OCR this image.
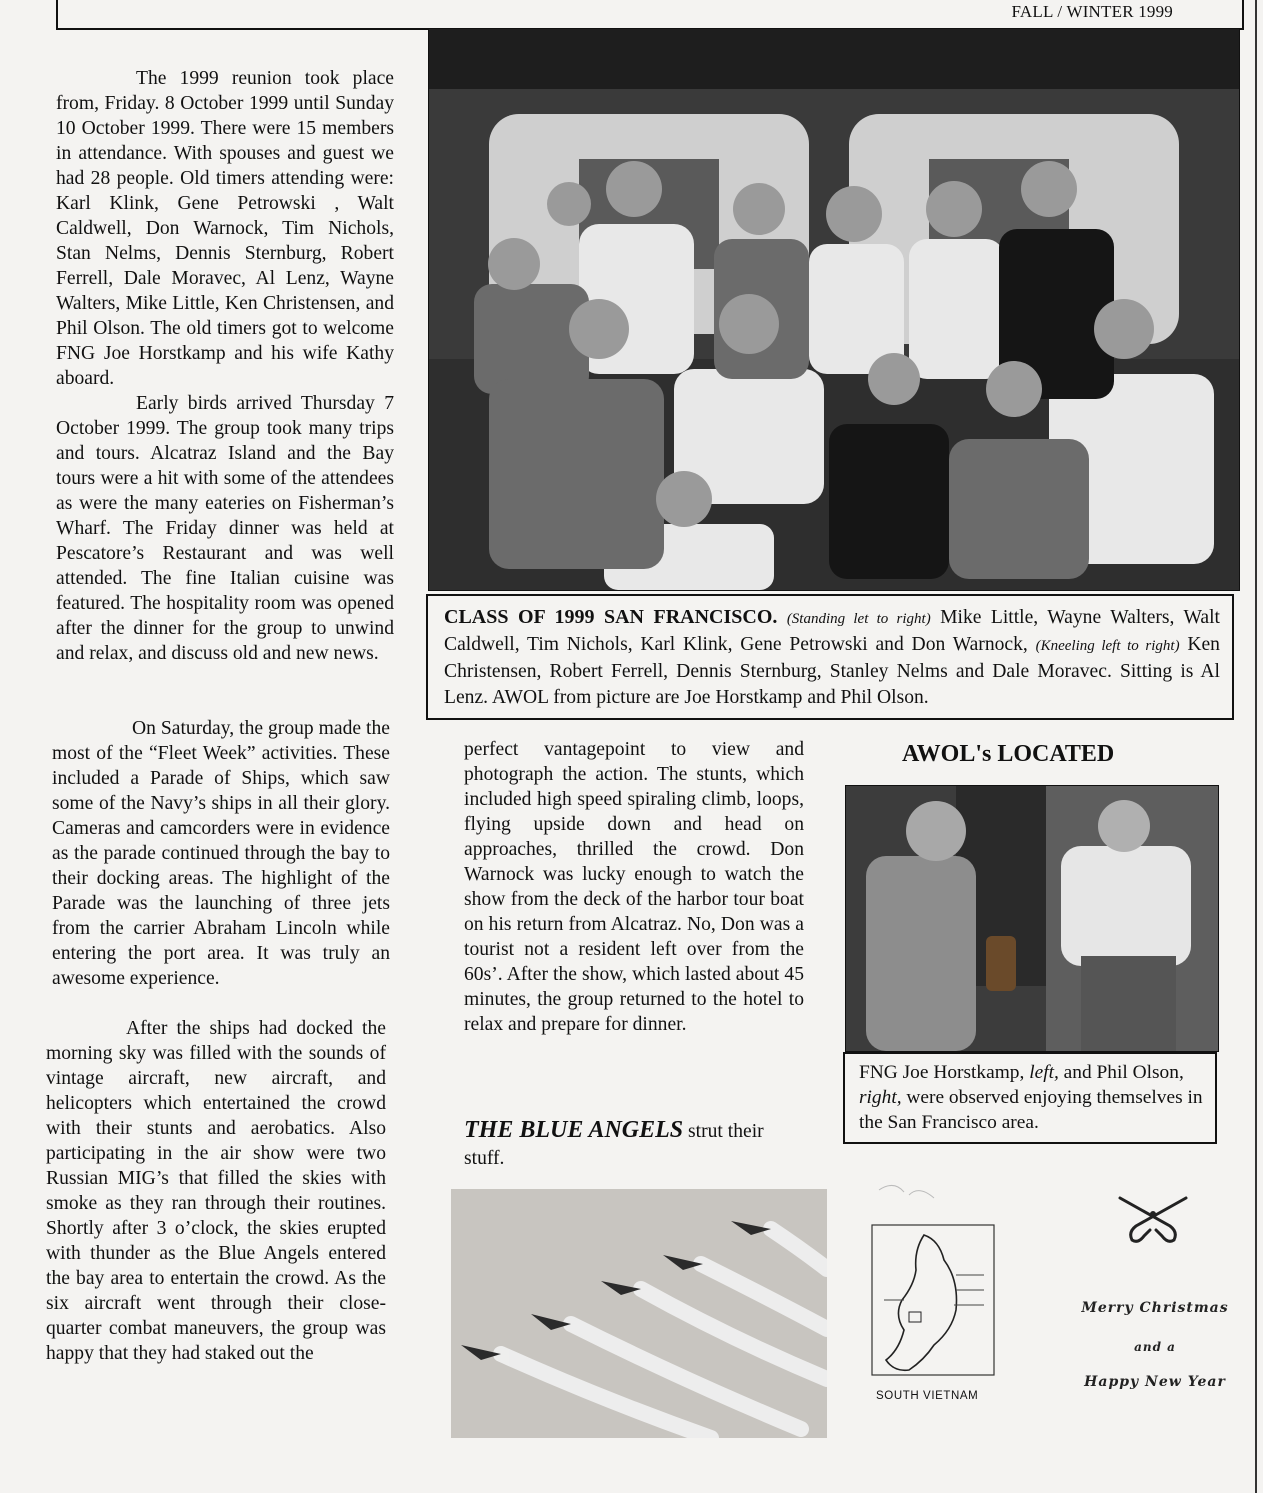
FALL / WINTER 1999

The 1999 reunion took place from, Friday. 8 October 1999 until Sunday 10 October 1999. There were 15 members in attendance. With spouses and guest we had 28 people. Old timers attending were: Karl Klink, Gene Petrowski , Walt Caldwell, Don Warnock, Tim Nichols, Stan Nelms, Dennis Sternburg, Robert Ferrell, Dale Moravec, Al Lenz, Wayne Walters, Mike Little, Ken Christensen, and Phil Olson. The old timers got to welcome FNG Joe Horstkamp and his wife Kathy aboard.

Early birds arrived Thursday 7 October 1999. The group took many trips and tours. Alcatraz Island and the Bay tours were a hit with some of the attendees as were the many eateries on Fisherman’s Wharf. The Friday dinner was held at Pescatore’s Restaurant and was well attended. The fine Italian cuisine was featured. The hospitality room was opened after the dinner for the group to unwind and relax, and discuss old and new news.

On Saturday, the group made the most of the “Fleet Week” activities. These included a Parade of Ships, which saw some of the Navy’s ships in all their glory. Cameras and camcorders were in evidence as the parade continued through the bay to their docking areas. The highlight of the Parade was the launching of three jets from the carrier Abraham Lincoln while entering the port area. It was truly an awesome experience.

After the ships had docked the morning sky was filled with the sounds of vintage aircraft, new aircraft, and helicopters which entertained the crowd with their stunts and aerobatics. Also participating in the air show were two Russian MIG’s that filled the skies with smoke as they ran through their routines. Shortly after 3 o’clock, the skies erupted with thunder as the Blue Angels entered the bay area to entertain the crowd. As the six aircraft went through their close-quarter combat maneuvers, the group was happy that they had staked out the

CLASS OF 1999 SAN FRANCISCO. (Standing let to right) Mike Little, Wayne Walters, Walt Caldwell, Tim Nichols, Karl Klink, Gene Petrowski and Don Warnock, (Kneeling left to right) Ken Christensen, Robert Ferrell, Dennis Sternburg, Stanley Nelms and Dale Moravec. Sitting is Al Lenz. AWOL from picture are Joe Horstkamp and Phil Olson.

perfect vantagepoint to view and photograph the action. The stunts, which included high speed spiraling climb, loops, flying upside down and head on approaches, thrilled the crowd. Don Warnock was lucky enough to watch the show from the deck of the harbor tour boat on his return from Alcatraz. No, Don was a tourist not a resident left over from the 60s’. After the show, which lasted about 45 minutes, the group returned to the hotel to relax and prepare for dinner.

THE BLUE ANGELS strut their stuff.
AWOL's LOCATED
FNG Joe Horstkamp, left, and Phil Olson, right, were observed enjoying themselves in the San Francisco area.
SOUTH VIETNAM
Merry Christmas
and a
Happy New Year
